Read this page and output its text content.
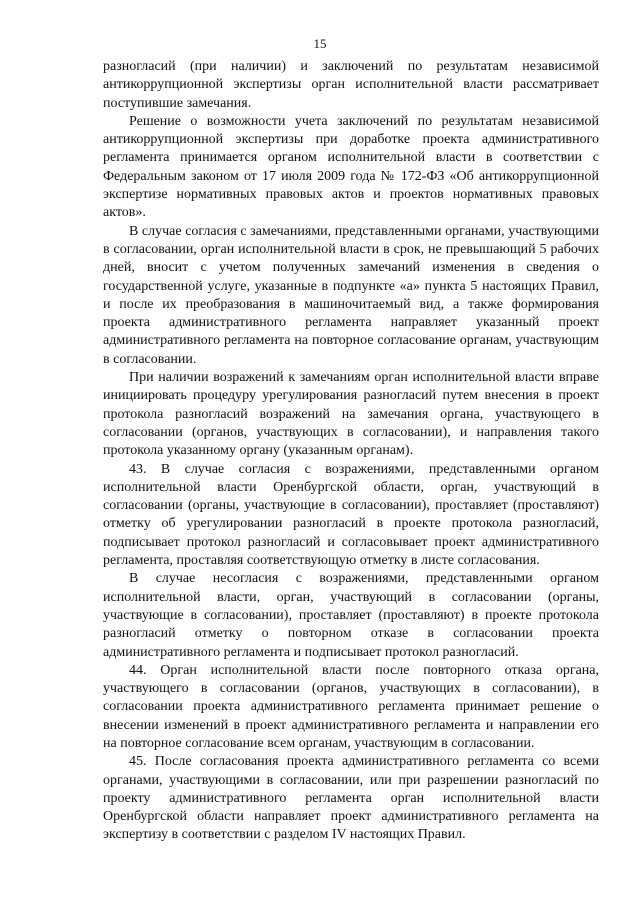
15

разногласий (при наличии) и заключений по результатам независимой антикоррупционной экспертизы орган исполнительной власти рассматривает поступившие замечания.

Решение о возможности учета заключений по результатам независимой антикоррупционной экспертизы при доработке проекта административного регламента принимается органом исполнительной власти в соответствии с Федеральным законом от 17 июля 2009 года № 172-ФЗ «Об антикоррупционной экспертизе нормативных правовых актов и проектов нормативных правовых актов».

В случае согласия с замечаниями, представленными органами, участвующими в согласовании, орган исполнительной власти в срок, не превышающий 5 рабочих дней, вносит с учетом полученных замечаний изменения в сведения о государственной услуге, указанные в подпункте «а» пункта 5 настоящих Правил, и после их преобразования в машиночитаемый вид, а также формирования проекта административного регламента направляет указанный проект административного регламента на повторное согласование органам, участвующим в согласовании.

При наличии возражений к замечаниям орган исполнительной власти вправе инициировать процедуру урегулирования разногласий путем внесения в проект протокола разногласий возражений на замечания органа, участвующего в согласовании (органов, участвующих в согласовании), и направления такого протокола указанному органу (указанным органам).

43. В случае согласия с возражениями, представленными органом исполнительной власти Оренбургской области, орган, участвующий в согласовании (органы, участвующие в согласовании), проставляет (проставляют) отметку об урегулировании разногласий в проекте протокола разногласий, подписывает протокол разногласий и согласовывает проект административного регламента, проставляя соответствующую отметку в листе согласования.

В случае несогласия с возражениями, представленными органом исполнительной власти, орган, участвующий в согласовании (органы, участвующие в согласовании), проставляет (проставляют) в проекте протокола разногласий отметку о повторном отказе в согласовании проекта административного регламента и подписывает протокол разногласий.

44. Орган исполнительной власти после повторного отказа органа, участвующего в согласовании (органов, участвующих в согласовании), в согласовании проекта административного регламента принимает решение о внесении изменений в проект административного регламента и направлении его на повторное согласование всем органам, участвующим в согласовании.

45. После согласования проекта административного регламента со всеми органами, участвующими в согласовании, или при разрешении разногласий по проекту административного регламента орган исполнительной власти Оренбургской области направляет проект административного регламента на экспертизу в соответствии с разделом IV настоящих Правил.
